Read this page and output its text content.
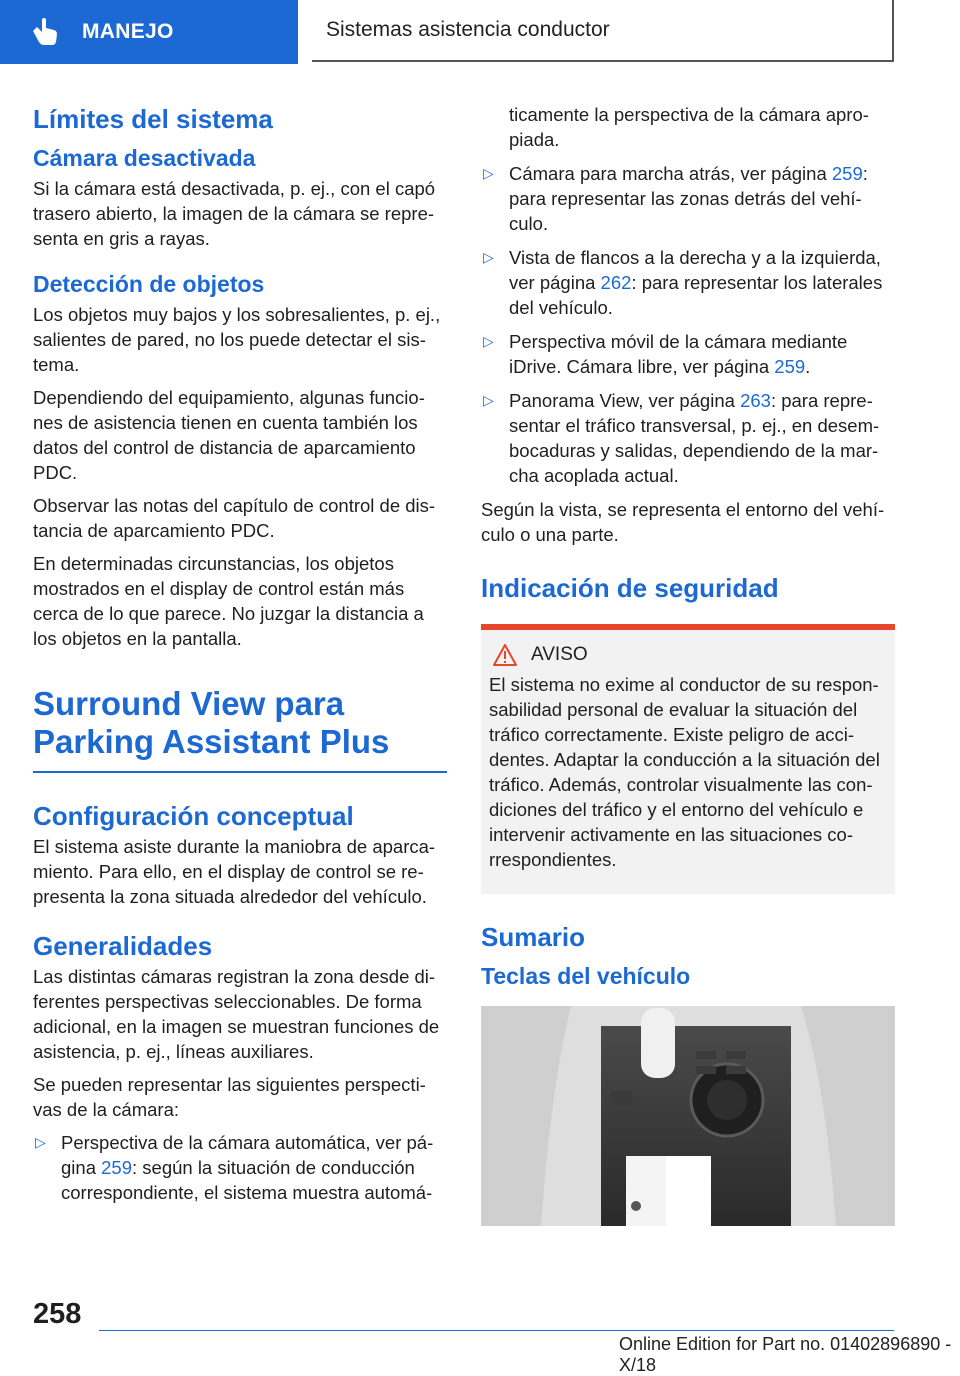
MANEJO	Sistemas asistencia conductor
Límites del sistema
Cámara desactivada

Si la cámara está desactivada, p. ej., con el capó trasero abierto, la imagen de la cámara se repre-senta en gris a rayas.

Detección de objetos

Los objetos muy bajos y los sobresalientes, p. ej., salientes de pared, no los puede detectar el sis-tema.

Dependiendo del equipamiento, algunas funcio-nes de asistencia tienen en cuenta también los datos del control de distancia de aparcamiento PDC.

Observar las notas del capítulo de control de dis-tancia de aparcamiento PDC.

En determinadas circunstancias, los objetos mostrados en el display de control están más cerca de lo que parece. No juzgar la distancia a los objetos en la pantalla.

Surround View para Parking Assistant Plus
Configuración conceptual

El sistema asiste durante la maniobra de aparca-miento. Para ello, en el display de control se re-presenta la zona situada alrededor del vehículo.

Generalidades

Las distintas cámaras registran la zona desde di-ferentes perspectivas seleccionables. De forma adicional, en la imagen se muestran funciones de asistencia, p. ej., líneas auxiliares.

Se pueden representar las siguientes perspecti-vas de la cámara:

▷ Perspectiva de la cámara automática, ver pá-gina 259: según la situación de conducción correspondiente, el sistema muestra automá-
ticamente la perspectiva de la cámara apro-piada.
▷ Cámara para marcha atrás, ver página 259: para representar las zonas detrás del vehí-culo.
▷ Vista de flancos a la derecha y a la izquierda, ver página 262: para representar los laterales del vehículo.
▷ Perspectiva móvil de la cámara mediante iDrive. Cámara libre, ver página 259.
▷ Panorama View, ver página 263: para repre-sentar el tráfico transversal, p. ej., en desem-bocaduras y salidas, dependiendo de la mar-cha acoplada actual.

Según la vista, se representa el entorno del vehí-culo o una parte.

Indicación de seguridad
AVISO

El sistema no exime al conductor de su respon-sabilidad personal de evaluar la situación del tráfico correctamente. Existe peligro de acci-dentes. Adaptar la conducción a la situación del tráfico. Además, controlar visualmente las con-diciones del tráfico y el entorno del vehículo e intervenir activamente en las situaciones co-rrespondientes.

Sumario
Teclas del vehículo
258
Online Edition for Part no. 01402896890 - X/18
